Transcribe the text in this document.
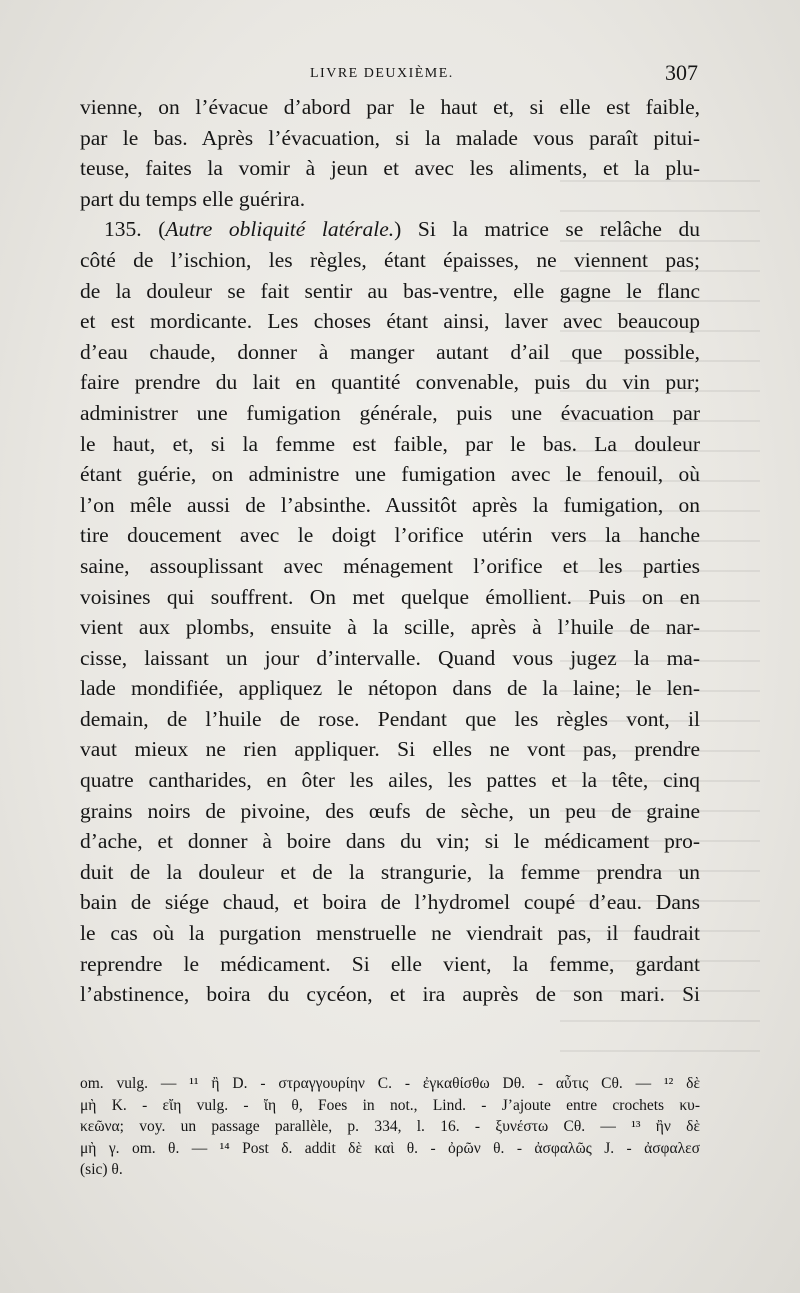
LIVRE DEUXIÈME.	307
vienne, on l’évacue d’abord par le haut et, si elle est faible,
par le bas. Après l’évacuation, si la malade vous paraît pitui-
teuse, faites la vomir à jeun et avec les aliments, et la plu-
part du temps elle guérira.
135. (Autre obliquité latérale.) Si la matrice se relâche du
côté de l’ischion, les règles, étant épaisses, ne viennent pas;
de la douleur se fait sentir au bas-ventre, elle gagne le flanc
et est mordicante. Les choses étant ainsi, laver avec beaucoup
d’eau chaude, donner à manger autant d’ail que possible,
faire prendre du lait en quantité convenable, puis du vin pur;
administrer une fumigation générale, puis une évacuation par
le haut, et, si la femme est faible, par le bas. La douleur
étant guérie, on administre une fumigation avec le fenouil, où
l’on mêle aussi de l’absinthe. Aussitôt après la fumigation, on
tire doucement avec le doigt l’orifice utérin vers la hanche
saine, assouplissant avec ménagement l’orifice et les parties
voisines qui souffrent. On met quelque émollient. Puis on en
vient aux plombs, ensuite à la scille, après à l’huile de nar-
cisse, laissant un jour d’intervalle. Quand vous jugez la ma-
lade mondifiée, appliquez le nétopon dans de la laine; le len-
demain, de l’huile de rose. Pendant que les règles vont, il
vaut mieux ne rien appliquer. Si elles ne vont pas, prendre
quatre cantharides, en ôter les ailes, les pattes et la tête, cinq
grains noirs de pivoine, des œufs de sèche, un peu de graine
d’ache, et donner à boire dans du vin; si le médicament pro-
duit de la douleur et de la strangurie, la femme prendra un
bain de siége chaud, et boira de l’hydromel coupé d’eau. Dans
le cas où la purgation menstruelle ne viendrait pas, il faudrait
reprendre le médicament. Si elle vient, la femme, gardant
l’abstinence, boira du cycéon, et ira auprès de son mari. Si
om. vulg. — ¹¹ ἢ D. - στραγγουρίην C. - ἐγκαθίσθω Dθ. - αὖτις Cθ. — ¹² δὲ
μὴ K. - εἴη vulg. - ἴη θ, Foes in not., Lind. - J’ajoute entre crochets κυ-
κεῶνα; voy. un passage parallèle, p. 334, l. 16. - ξυνέστω Cθ. — ¹³ ἢν δὲ
μὴ γ. om. θ. — ¹⁴ Post δ. addit δὲ καὶ θ. - ὀρῶν θ. - ἀσφαλῶς J. - ἀσφαλεσ
(sic) θ.
